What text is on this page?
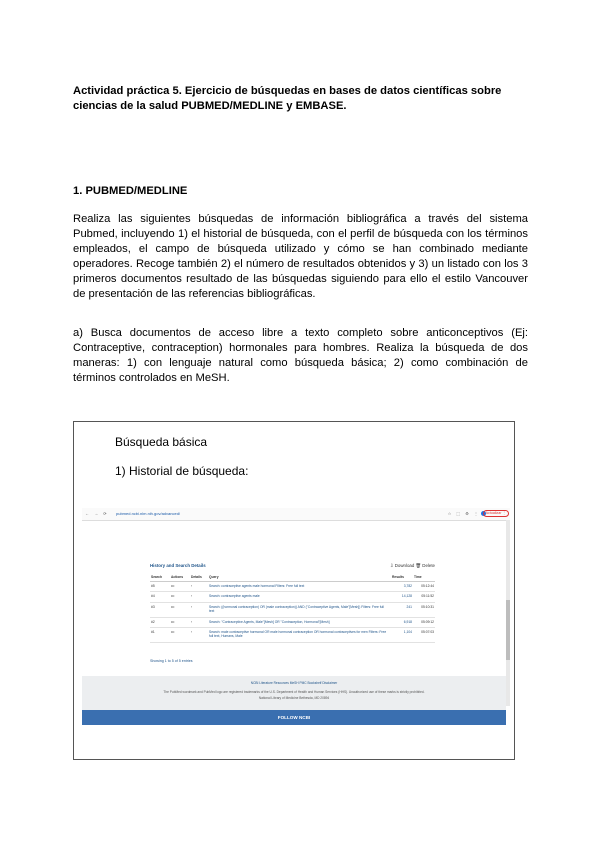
Actividad práctica 5. Ejercicio de búsquedas en bases de datos científicas sobre ciencias de la salud PUBMED/MEDLINE y EMBASE.
1. PUBMED/MEDLINE
Realiza las siguientes búsquedas de información bibliográfica a través del sistema Pubmed, incluyendo 1) el historial de búsqueda, con el perfil de búsqueda con los términos empleados, el campo de búsqueda utilizado y cómo se han combinado mediante operadores. Recoge también 2) el número de resultados obtenidos y 3) un listado con los 3 primeros documentos resultado de las búsquedas siguiendo para ello el estilo Vancouver de presentación de las referencias bibliográficas.
a) Busca documentos de acceso libre a texto completo sobre anticonceptivos (Ej: Contraceptive, contraception) hormonales para hombres. Realiza la búsqueda de dos maneras: 1) con lenguaje natural como búsqueda básica; 2) como combinación de términos controlados en MeSH.
Búsqueda básica
1) Historial de búsqueda:
← → ⟳ pubmed.ncbi.nlm.nih.gov/advanced/	☆ ⬚ ⚙ ⋮	Actualizar ⋮
History and Search Details	⇩ Download 🗑 Delete
Search	Actions	Details	Query	Results	Time
#5	•••	›	Search: contraceptive agents male hormonal Filters: Free full text	3,782	05:12:44
#4	•••	›	Search: contraceptive agents male	14,128	05:11:52
#3	•••	›	Search: ((hormonal contraception) OR (male contraception)) AND ("Contraceptive Agents, Male"[Mesh]) Filters: Free full text	241	05:10:31
#2	•••	›	Search: "Contraceptive Agents, Male"[Mesh] OR "Contraception, Hormonal"[Mesh]	6,918	05:09:12
#1	•••	›	Search: male contraceptive hormonal OR male hormonal contraception OR hormonal contraceptives for men Filters: Free full text, Humans, Male	1,104	05:07:03
Showing 1 to 5 of 5 entries
NCBI Literature Resources MeSH PMC Bookshelf Disclaimer
The PubMed wordmark and PubMed logo are registered trademarks of the U.S. Department of Health and Human Services (HHS). Unauthorized use of these marks is strictly prohibited.
National Library of Medicine Bethesda, MD 20894
FOLLOW NCBI
